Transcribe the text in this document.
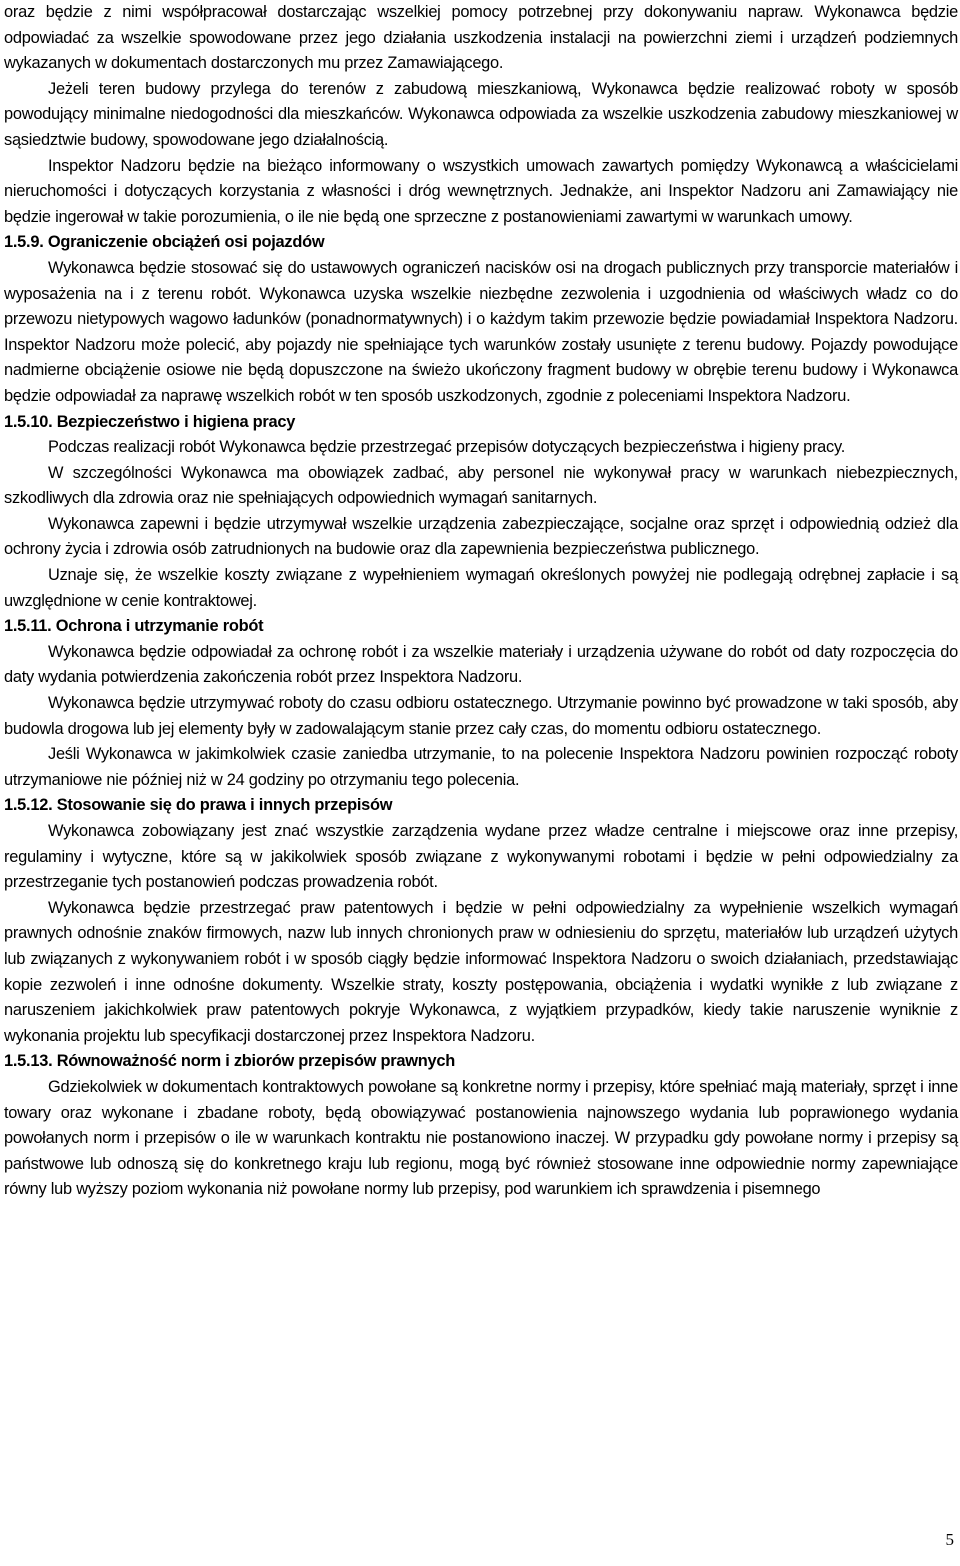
oraz będzie z nimi współpracował dostarczając wszelkiej pomocy potrzebnej przy dokonywaniu napraw. Wykonawca będzie odpowiadać za wszelkie spowodowane przez jego działania uszkodzenia instalacji na powierzchni ziemi i urządzeń podziemnych wykazanych w dokumentach dostarczonych mu przez Zamawiającego.

Jeżeli teren budowy przylega do terenów z zabudową mieszkaniową, Wykonawca będzie realizować roboty w sposób powodujący minimalne niedogodności dla mieszkańców. Wykonawca odpowiada za wszelkie uszkodzenia zabudowy mieszkaniowej w sąsiedztwie budowy, spowodowane jego działalnością.

Inspektor Nadzoru będzie na bieżąco informowany o wszystkich umowach zawartych pomiędzy Wykonawcą a właścicielami nieruchomości i dotyczących korzystania z własności i dróg wewnętrznych. Jednakże, ani Inspektor Nadzoru ani Zamawiający nie będzie ingerował w takie porozumienia, o ile nie będą one sprzeczne z postanowieniami zawartymi w warunkach umowy.

1.5.9. Ograniczenie obciążeń osi pojazdów

Wykonawca będzie stosować się do ustawowych ograniczeń nacisków osi na drogach publicznych przy transporcie materiałów i wyposażenia na i z terenu robót. Wykonawca uzyska wszelkie niezbędne zezwolenia i uzgodnienia od właściwych władz co do przewozu nietypowych wagowo ładunków (ponadnormatywnych) i o każdym takim przewozie będzie powiadamiał Inspektora Nadzoru. Inspektor Nadzoru może polecić, aby pojazdy nie spełniające tych warunków zostały usunięte z terenu budowy. Pojazdy powodujące nadmierne obciążenie osiowe nie będą dopuszczone na świeżo ukończony fragment budowy w obrębie terenu budowy i Wykonawca będzie odpowiadał za naprawę wszelkich robót w ten sposób uszkodzonych, zgodnie z poleceniami Inspektora Nadzoru.

1.5.10. Bezpieczeństwo i higiena pracy

Podczas realizacji robót Wykonawca będzie przestrzegać przepisów dotyczących bezpieczeństwa i higieny pracy.

W szczególności Wykonawca ma obowiązek zadbać, aby personel nie wykonywał pracy w warunkach niebezpiecznych, szkodliwych dla zdrowia oraz nie spełniających odpowiednich wymagań sanitarnych.

Wykonawca zapewni i będzie utrzymywał wszelkie urządzenia zabezpieczające, socjalne oraz sprzęt i odpowiednią odzież dla ochrony życia i zdrowia osób zatrudnionych na budowie oraz dla zapewnienia bezpieczeństwa publicznego.

Uznaje się, że wszelkie koszty związane z wypełnieniem wymagań określonych powyżej nie podlegają odrębnej zapłacie i są uwzględnione w cenie kontraktowej.

1.5.11. Ochrona i utrzymanie robót

Wykonawca będzie odpowiadał za ochronę robót i za wszelkie materiały i urządzenia używane do robót od daty rozpoczęcia do daty wydania potwierdzenia zakończenia robót przez Inspektora Nadzoru.

Wykonawca będzie utrzymywać roboty do czasu odbioru ostatecznego. Utrzymanie powinno być prowadzone w taki sposób, aby budowla drogowa lub jej elementy były w zadowalającym stanie przez cały czas, do momentu odbioru ostatecznego.

Jeśli Wykonawca w jakimkolwiek czasie zaniedba utrzymanie, to na polecenie Inspektora Nadzoru powinien rozpocząć roboty utrzymaniowe nie później niż w 24 godziny po otrzymaniu tego polecenia.

1.5.12. Stosowanie się do prawa i innych przepisów

Wykonawca zobowiązany jest znać wszystkie zarządzenia wydane przez władze centralne i miejscowe oraz inne przepisy, regulaminy i wytyczne, które są w jakikolwiek sposób związane z wykonywanymi robotami i będzie w pełni odpowiedzialny za przestrzeganie tych postanowień podczas prowadzenia robót.

Wykonawca będzie przestrzegać praw patentowych i będzie w pełni odpowiedzialny za wypełnienie wszelkich wymagań prawnych odnośnie znaków firmowych, nazw lub innych chronionych praw w odniesieniu do sprzętu, materiałów lub urządzeń użytych lub związanych z wykonywaniem robót i w sposób ciągły będzie informować Inspektora Nadzoru o swoich działaniach, przedstawiając kopie zezwoleń i inne odnośne dokumenty. Wszelkie straty, koszty postępowania, obciążenia i wydatki wynikłe z lub związane z naruszeniem jakichkolwiek praw patentowych pokryje Wykonawca, z wyjątkiem przypadków, kiedy takie naruszenie wyniknie z wykonania projektu lub specyfikacji dostarczonej przez Inspektora Nadzoru.

1.5.13. Równoważność norm i zbiorów przepisów prawnych

Gdziekolwiek w dokumentach kontraktowych powołane są konkretne normy i przepisy, które spełniać mają materiały, sprzęt i inne towary oraz wykonane i zbadane roboty, będą obowiązywać postanowienia najnowszego wydania lub poprawionego wydania powołanych norm i przepisów o ile w warunkach kontraktu nie postanowiono inaczej. W przypadku gdy powołane normy i przepisy są państwowe lub odnoszą się do konkretnego kraju lub regionu, mogą być również stosowane inne odpowiednie normy zapewniające równy lub wyższy poziom wykonania niż powołane normy lub przepisy, pod warunkiem ich sprawdzenia i pisemnego

5
